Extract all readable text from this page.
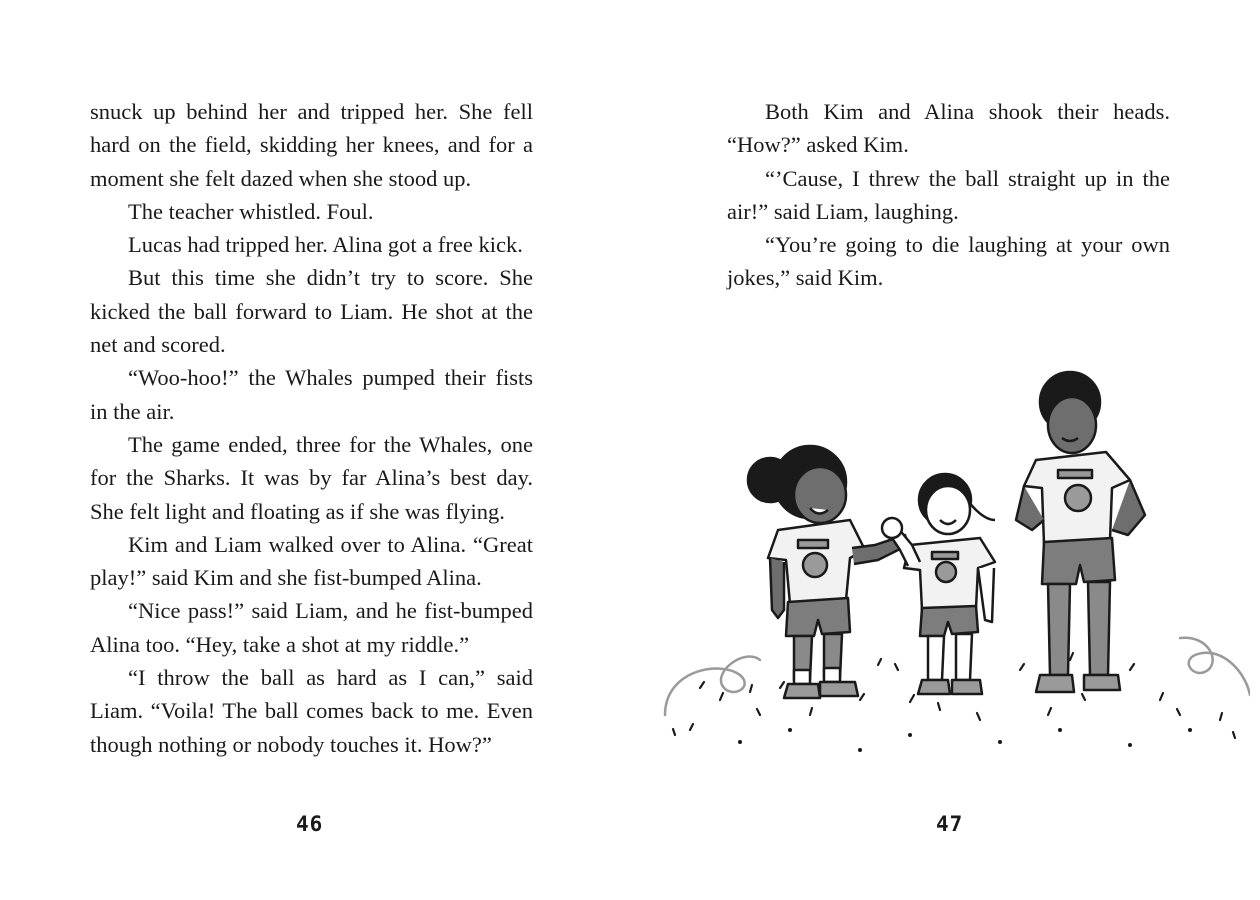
snuck up behind her and tripped her. She fell hard on the field, skidding her knees, and for a moment she felt dazed when she stood up.

The teacher whistled. Foul.

Lucas had tripped her. Alina got a free kick.

But this time she didn’t try to score. She kicked the ball forward to Liam. He shot at the net and scored.

“Woo-hoo!” the Whales pumped their fists in the air.

The game ended, three for the Whales, one for the Sharks. It was by far Alina’s best day. She felt light and floating as if she was flying.

Kim and Liam walked over to Alina. “Great play!” said Kim and she fist-bumped Alina.

“Nice pass!” said Liam, and he fist-bumped Alina too. “Hey, take a shot at my riddle.”

“I throw the ball as hard as I can,” said Liam. “Voila! The ball comes back to me. Even though nothing or nobody touches it. How?”

46

Both Kim and Alina shook their heads. “How?” asked Kim.

“’Cause, I threw the ball straight up in the air!” said Liam, laughing.

“You’re going to die laughing at your own jokes,” said Kim.

47
